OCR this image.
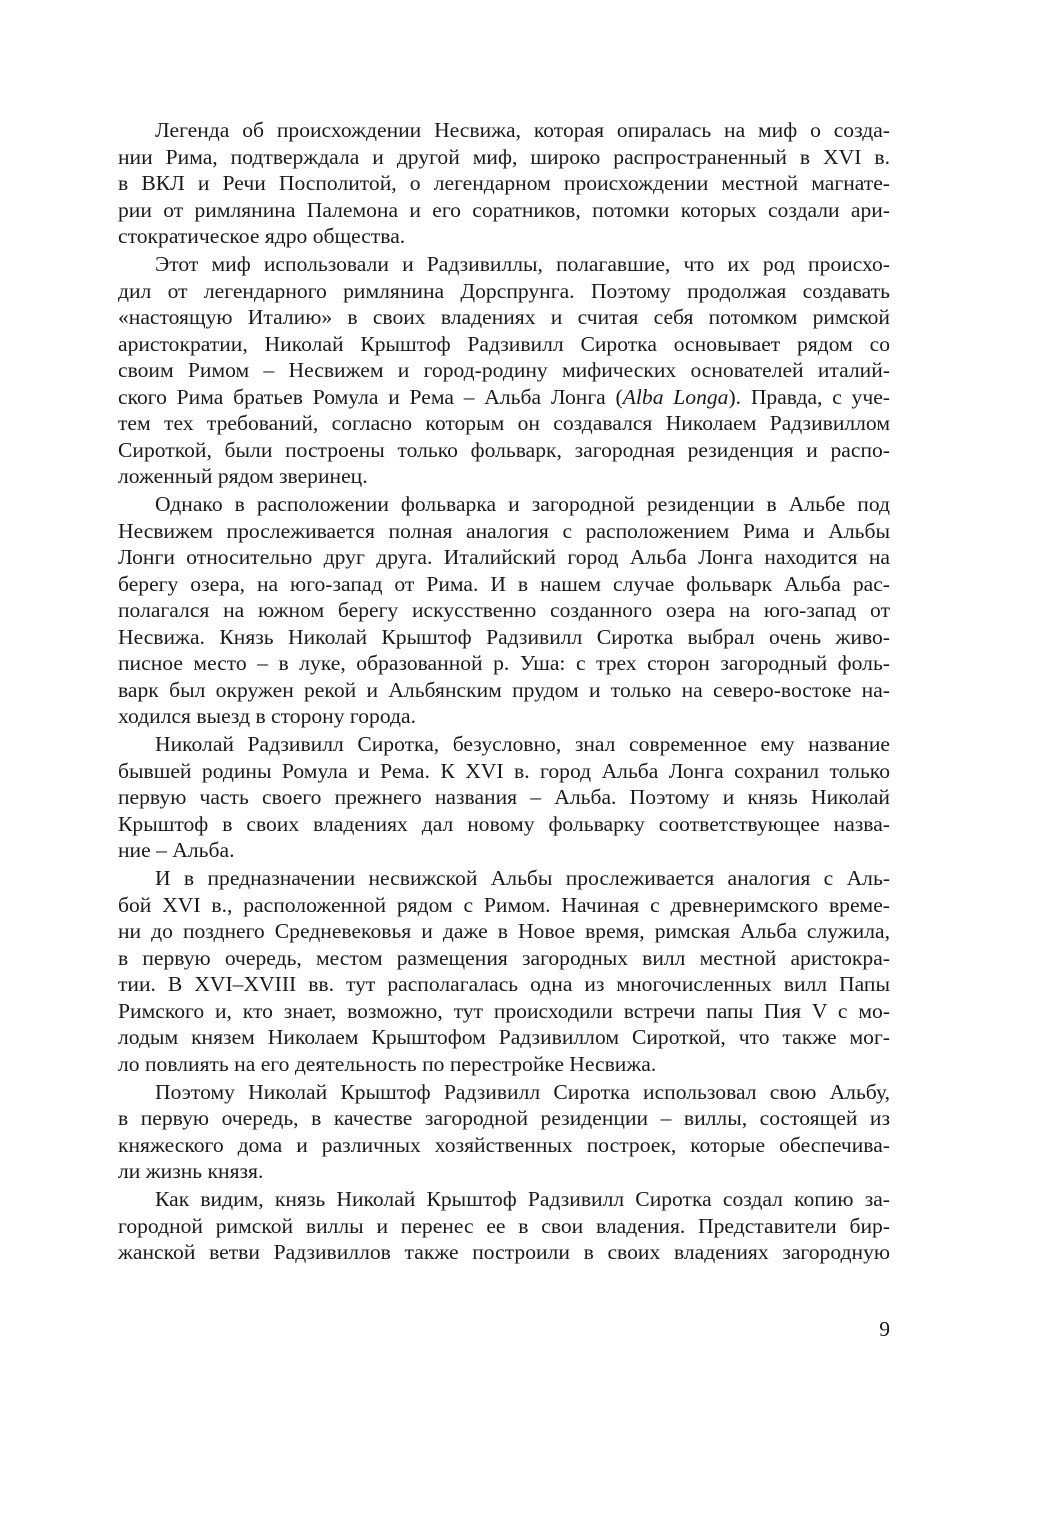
Легенда об происхождении Несвижа, которая опиралась на миф о созда-
нии Рима, подтверждала и другой миф, широко распространенный в XVI в.
в ВКЛ и Речи Посполитой, о легендарном происхождении местной магнате-
рии от римлянина Палемона и его соратников, потомки которых создали ари-
стократическое ядро общества.
Этот миф использовали и Радзивиллы, полагавшие, что их род происхо-
дил от легендарного римлянина Дорспрунга. Поэтому продолжая создавать
«настоящую Италию» в своих владениях и считая себя потомком римской
аристократии, Николай Крыштоф Радзивилл Сиротка основывает рядом со
своим Римом – Несвижем и город-родину мифических основателей италий-
ского Рима братьев Ромула и Рема – Альба Лонга (Alba Longa). Правда, с уче-
тем тех требований, согласно которым он создавался Николаем Радзивиллом
Сироткой, были построены только фольварк, загородная резиденция и распо-
ложенный рядом зверинец.
Однако в расположении фольварка и загородной резиденции в Альбе под
Несвижем прослеживается полная аналогия с расположением Рима и Альбы
Лонги относительно друг друга. Италийский город Альба Лонга находится на
берегу озера, на юго-запад от Рима. И в нашем случае фольварк Альба рас-
полагался на южном берегу искусственно созданного озера на юго-запад от
Несвижа. Князь Николай Крыштоф Радзивилл Сиротка выбрал очень живо-
писное место – в луке, образованной р. Уша: с трех сторон загородный фоль-
варк был окружен рекой и Альбянским прудом и только на северо-востоке на-
ходился выезд в сторону города.
Николай Радзивилл Сиротка, безусловно, знал современное ему название
бывшей родины Ромула и Рема. К XVI в. город Альба Лонга сохранил только
первую часть своего прежнего названия – Альба. Поэтому и князь Николай
Крыштоф в своих владениях дал новому фольварку соответствующее назва-
ние – Альба.
И в предназначении несвижской Альбы прослеживается аналогия с Аль-
бой XVI в., расположенной рядом с Римом. Начиная с древнеримского време-
ни до позднего Средневековья и даже в Новое время, римская Альба служила,
в первую очередь, местом размещения загородных вилл местной аристокра-
тии. В XVI–XVIII вв. тут располагалась одна из многочисленных вилл Папы
Римского и, кто знает, возможно, тут происходили встречи папы Пия V с мо-
лодым князем Николаем Крыштофом Радзивиллом Сироткой, что также мог-
ло повлиять на его деятельность по перестройке Несвижа.
Поэтому Николай Крыштоф Радзивилл Сиротка использовал свою Альбу,
в первую очередь, в качестве загородной резиденции – виллы, состоящей из
княжеского дома и различных хозяйственных построек, которые обеспечива-
ли жизнь князя.
Как видим, князь Николай Крыштоф Радзивилл Сиротка создал копию за-
городной римской виллы и перенес ее в свои владения. Представители бир-
жанской ветви Радзивиллов также построили в своих владениях загородную
9
